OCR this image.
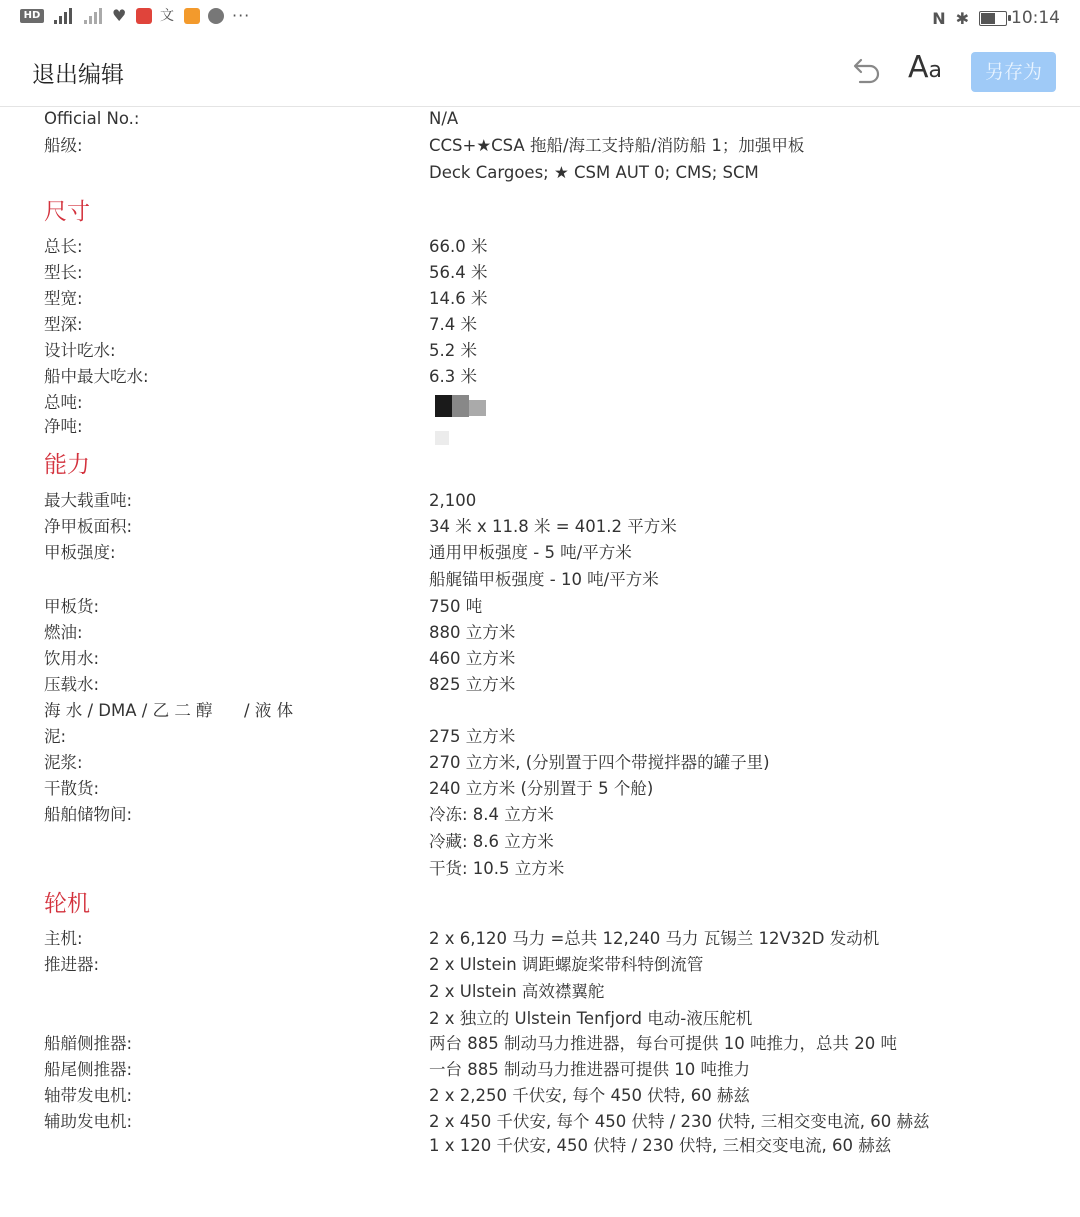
HD	♥ 文	···	N ✱ 10:14
退出编辑	Aa	另存为
Official No.:	N/A
船级:	CCS+★CSA 拖船/海工支持船/消防船 1；加强甲板
Deck Cargoes; ★ CSM AUT 0; CMS; SCM
尺寸
总长:	66.0 米
型长:	56.4 米
型宽:	14.6 米
型深:	7.4 米
设计吃水:	5.2 米
船中最大吃水:	6.3 米
总吨:
净吨:
能力
最大载重吨:	2,100
净甲板面积:	34 米 x 11.8 米 = 401.2 平方米
甲板强度:	通用甲板强度 - 5 吨/平方米
船艉锚甲板强度 - 10 吨/平方米
甲板货:	750 吨
燃油:	880 立方米
饮用水:	460 立方米
压载水:	825 立方米
海 水 / DMA / 乙 二 醇      / 液 体
泥:	275 立方米
泥浆:	270 立方米, (分别置于四个带搅拌器的罐子里)
干散货:	240 立方米 (分别置于 5 个舱)
船舶储物间:	冷冻: 8.4 立方米
冷藏: 8.6 立方米
干货: 10.5 立方米
轮机
主机:	2 x 6,120 马力 =总共 12,240 马力 瓦锡兰 12V32D 发动机
推进器:	2 x Ulstein 调距螺旋桨带科特倒流管
2 x Ulstein 高效襟翼舵
2 x 独立的 Ulstein Tenfjord 电动-液压舵机
船艏侧推器:	两台 885 制动马力推进器，每台可提供 10 吨推力，总共 20 吨
船尾侧推器:	一台 885 制动马力推进器可提供 10 吨推力
轴带发电机:	2 x 2,250 千伏安, 每个 450 伏特, 60 赫兹
辅助发电机:	2 x 450 千伏安, 每个 450 伏特 / 230 伏特, 三相交变电流, 60 赫兹
1 x 120 千伏安, 450 伏特 / 230 伏特, 三相交变电流, 60 赫兹
